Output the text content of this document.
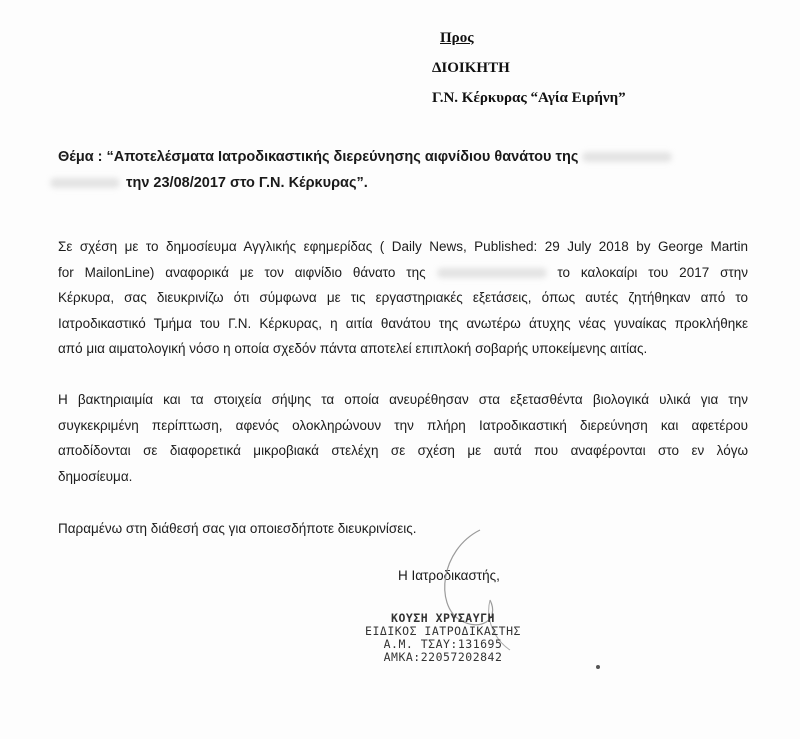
Προς
ΔΙΟΙΚΗΤΗ
Γ.Ν. Κέρκυρας “Αγία Ειρήνη”
Θέμα : “Αποτελέσματα Ιατροδικαστικής διερεύνησης αιφνίδιου θανάτου της
την 23/08/2017 στο Γ.Ν. Κέρκυρας”.
Σε σχέση με το δημοσίευμα Αγγλικής εφημερίδας ( Daily News, Published: 29 July 2018 by George Martin
for MailonLine) αναφορικά με τον αιφνίδιο θάνατο της	το καλοκαίρι του 2017 στην
Κέρκυρα, σας διευκρινίζω ότι σύμφωνα με τις εργαστηριακές εξετάσεις, όπως αυτές ζητήθηκαν από το
Ιατροδικαστικό Τμήμα του Γ.Ν. Κέρκυρας, η αιτία θανάτου της ανωτέρω άτυχης νέας γυναίκας προκλήθηκε
από μια αιματολογική νόσο η οποία σχεδόν πάντα αποτελεί επιπλοκή σοβαρής υποκείμενης αιτίας.
Η βακτηριαιμία και τα στοιχεία σήψης τα οποία ανευρέθησαν στα εξετασθέντα βιολογικά υλικά για την
συγκεκριμένη περίπτωση, αφενός ολοκληρώνουν την πλήρη Ιατροδικαστική διερεύνηση και αφετέρου
αποδίδονται σε διαφορετικά μικροβιακά στελέχη σε σχέση με αυτά που αναφέρονται στο εν λόγω
δημοσίευμα.
Παραμένω στη διάθεσή σας για οποιεσδήποτε διευκρινίσεις.
Η Ιατροδικαστής,
ΚΟΥΣΗ ΧΡΥΣΑΥΓΗ
ΕΙΔΙΚΟΣ ΙΑΤΡΟΔΙΚΑΣΤΗΣ
Α.Μ. ΤΣΑΥ:131695
ΑΜΚΑ:22057202842
